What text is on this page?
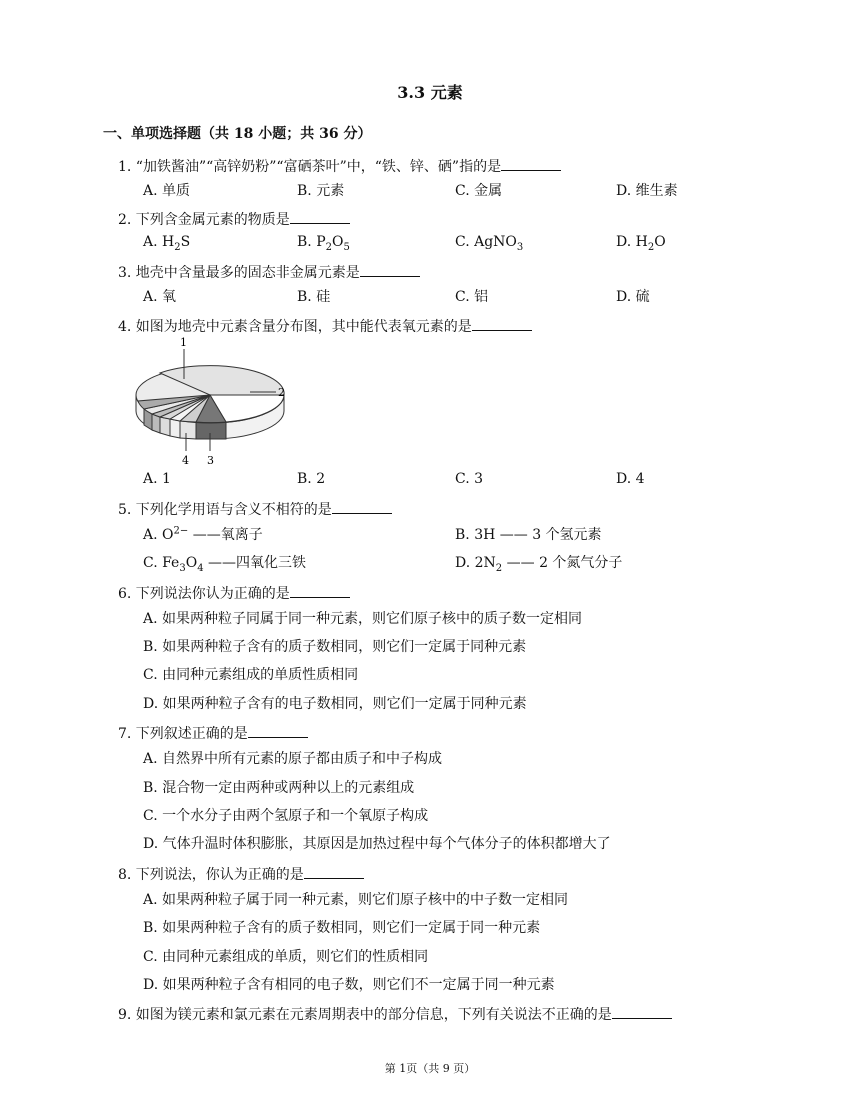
3.3 元素
一、单项选择题（共 18 小题；共 36 分）
1. “加铁酱油”“高锌奶粉”“富硒茶叶”中，“铁、锌、硒”指的是
A. 单质	B. 元素	C. 金属	D. 维生素
2. 下列含金属元素的物质是
A. $H_2S$	B. $P_2O_5$	C. AgNO$_3$	D. $H_2O$
3. 地壳中含量最多的固态非金属元素是
A. 氧	B. 硅	C. 铝	D. 硫
4. 如图为地壳中元素含量分布图，其中能代表氧元素的是
1
2
3
4
A. 1	B. 2	C. 3	D. 4
5. 下列化学用语与含义不相符的是
A. $O^{2-}$ ——氧离子	B. 3H —— 3 个氢元素
C. $Fe_3O_4$ ——四氧化三铁	D. $2N_2$ —— 2 个氮气分子
6. 下列说法你认为正确的是
A. 如果两种粒子同属于同一种元素，则它们原子核中的质子数一定相同
B. 如果两种粒子含有的质子数相同，则它们一定属于同种元素
C. 由同种元素组成的单质性质相同
D. 如果两种粒子含有的电子数相同，则它们一定属于同种元素
7. 下列叙述正确的是
A. 自然界中所有元素的原子都由质子和中子构成
B. 混合物一定由两种或两种以上的元素组成
C. 一个水分子由两个氢原子和一个氧原子构成
D. 气体升温时体积膨胀，其原因是加热过程中每个气体分子的体积都增大了
8. 下列说法，你认为正确的是
A. 如果两种粒子属于同一种元素，则它们原子核中的中子数一定相同
B. 如果两种粒子含有的质子数相同，则它们一定属于同一种元素
C. 由同种元素组成的单质，则它们的性质相同
D. 如果两种粒子含有相同的电子数，则它们不一定属于同一种元素
9. 如图为镁元素和氯元素在元素周期表中的部分信息，下列有关说法不正确的是
第 1页（共 9 页）
